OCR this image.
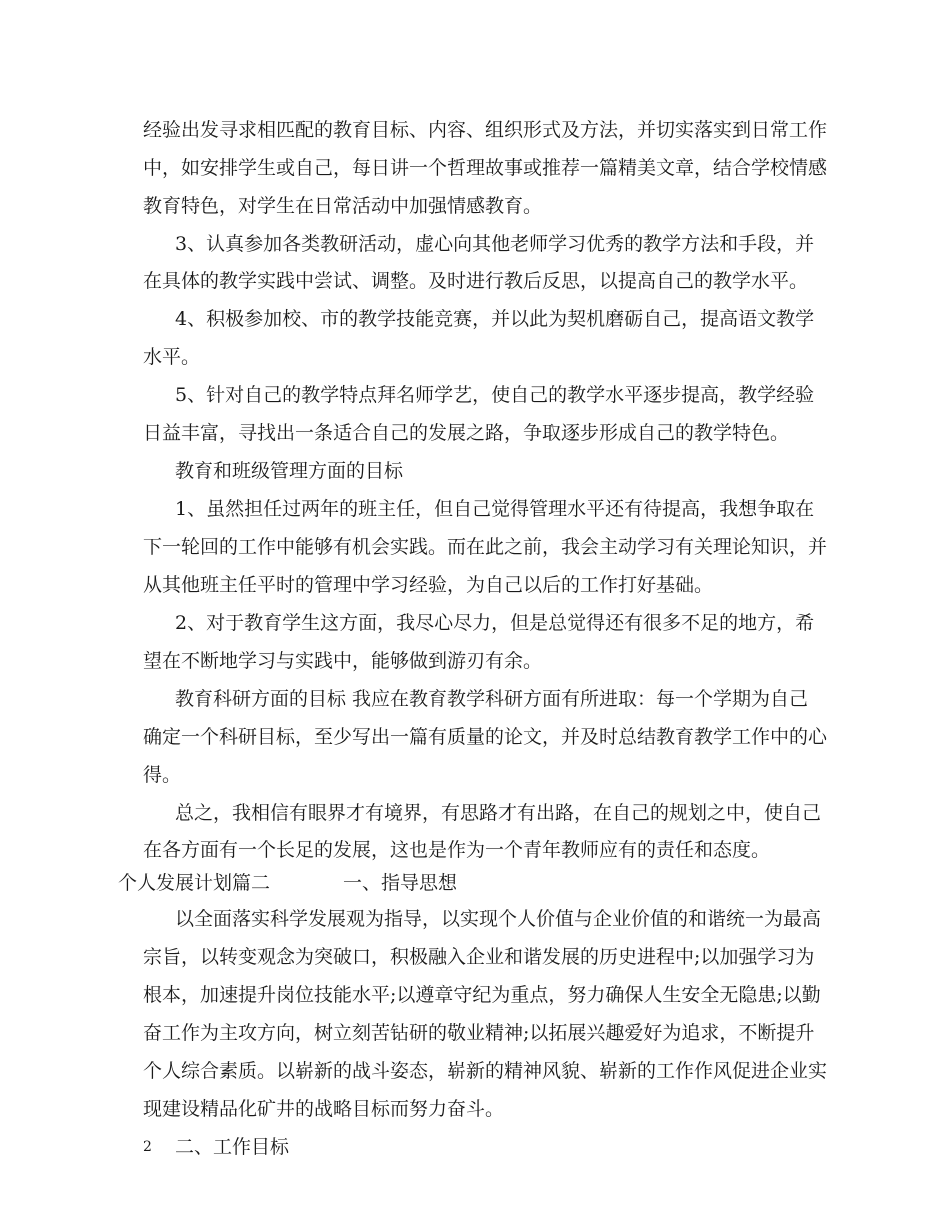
经验出发寻求相匹配的教育目标、内容、组织形式及方法，并切实落实到日常工作
中，如安排学生或自己，每日讲一个哲理故事或推荐一篇精美文章，结合学校情感
教育特色，对学生在日常活动中加强情感教育。
3、认真参加各类教研活动，虚心向其他老师学习优秀的教学方法和手段，并
在具体的教学实践中尝试、调整。及时进行教后反思，以提高自己的教学水平。
4、积极参加校、市的教学技能竞赛，并以此为契机磨砺自己，提高语文教学
水平。
5、针对自己的教学特点拜名师学艺，使自己的教学水平逐步提高，教学经验
日益丰富，寻找出一条适合自己的发展之路，争取逐步形成自己的教学特色。
教育和班级管理方面的目标
1、虽然担任过两年的班主任，但自己觉得管理水平还有待提高，我想争取在
下一轮回的工作中能够有机会实践。而在此之前，我会主动学习有关理论知识，并
从其他班主任平时的管理中学习经验，为自己以后的工作打好基础。
2、对于教育学生这方面，我尽心尽力，但是总觉得还有很多不足的地方，希
望在不断地学习与实践中，能够做到游刃有余。
教育科研方面的目标 我应在教育教学科研方面有所进取：每一个学期为自己
确定一个科研目标，至少写出一篇有质量的论文，并及时总结教育教学工作中的心
得。
总之，我相信有眼界才有境界，有思路才有出路，在自己的规划之中，使自己
在各方面有一个长足的发展，这也是作为一个青年教师应有的责任和态度。
个人发展计划篇二	一、指导思想
以全面落实科学发展观为指导，以实现个人价值与企业价值的和谐统一为最高
宗旨，以转变观念为突破口，积极融入企业和谐发展的历史进程中;以加强学习为
根本，加速提升岗位技能水平;以遵章守纪为重点，努力确保人生安全无隐患;以勤
奋工作为主攻方向，树立刻苦钻研的敬业精神;以拓展兴趣爱好为追求，不断提升
个人综合素质。以崭新的战斗姿态，崭新的精神风貌、崭新的工作作风促进企业实
现建设精品化矿井的战略目标而努力奋斗。
二、工作目标
2
